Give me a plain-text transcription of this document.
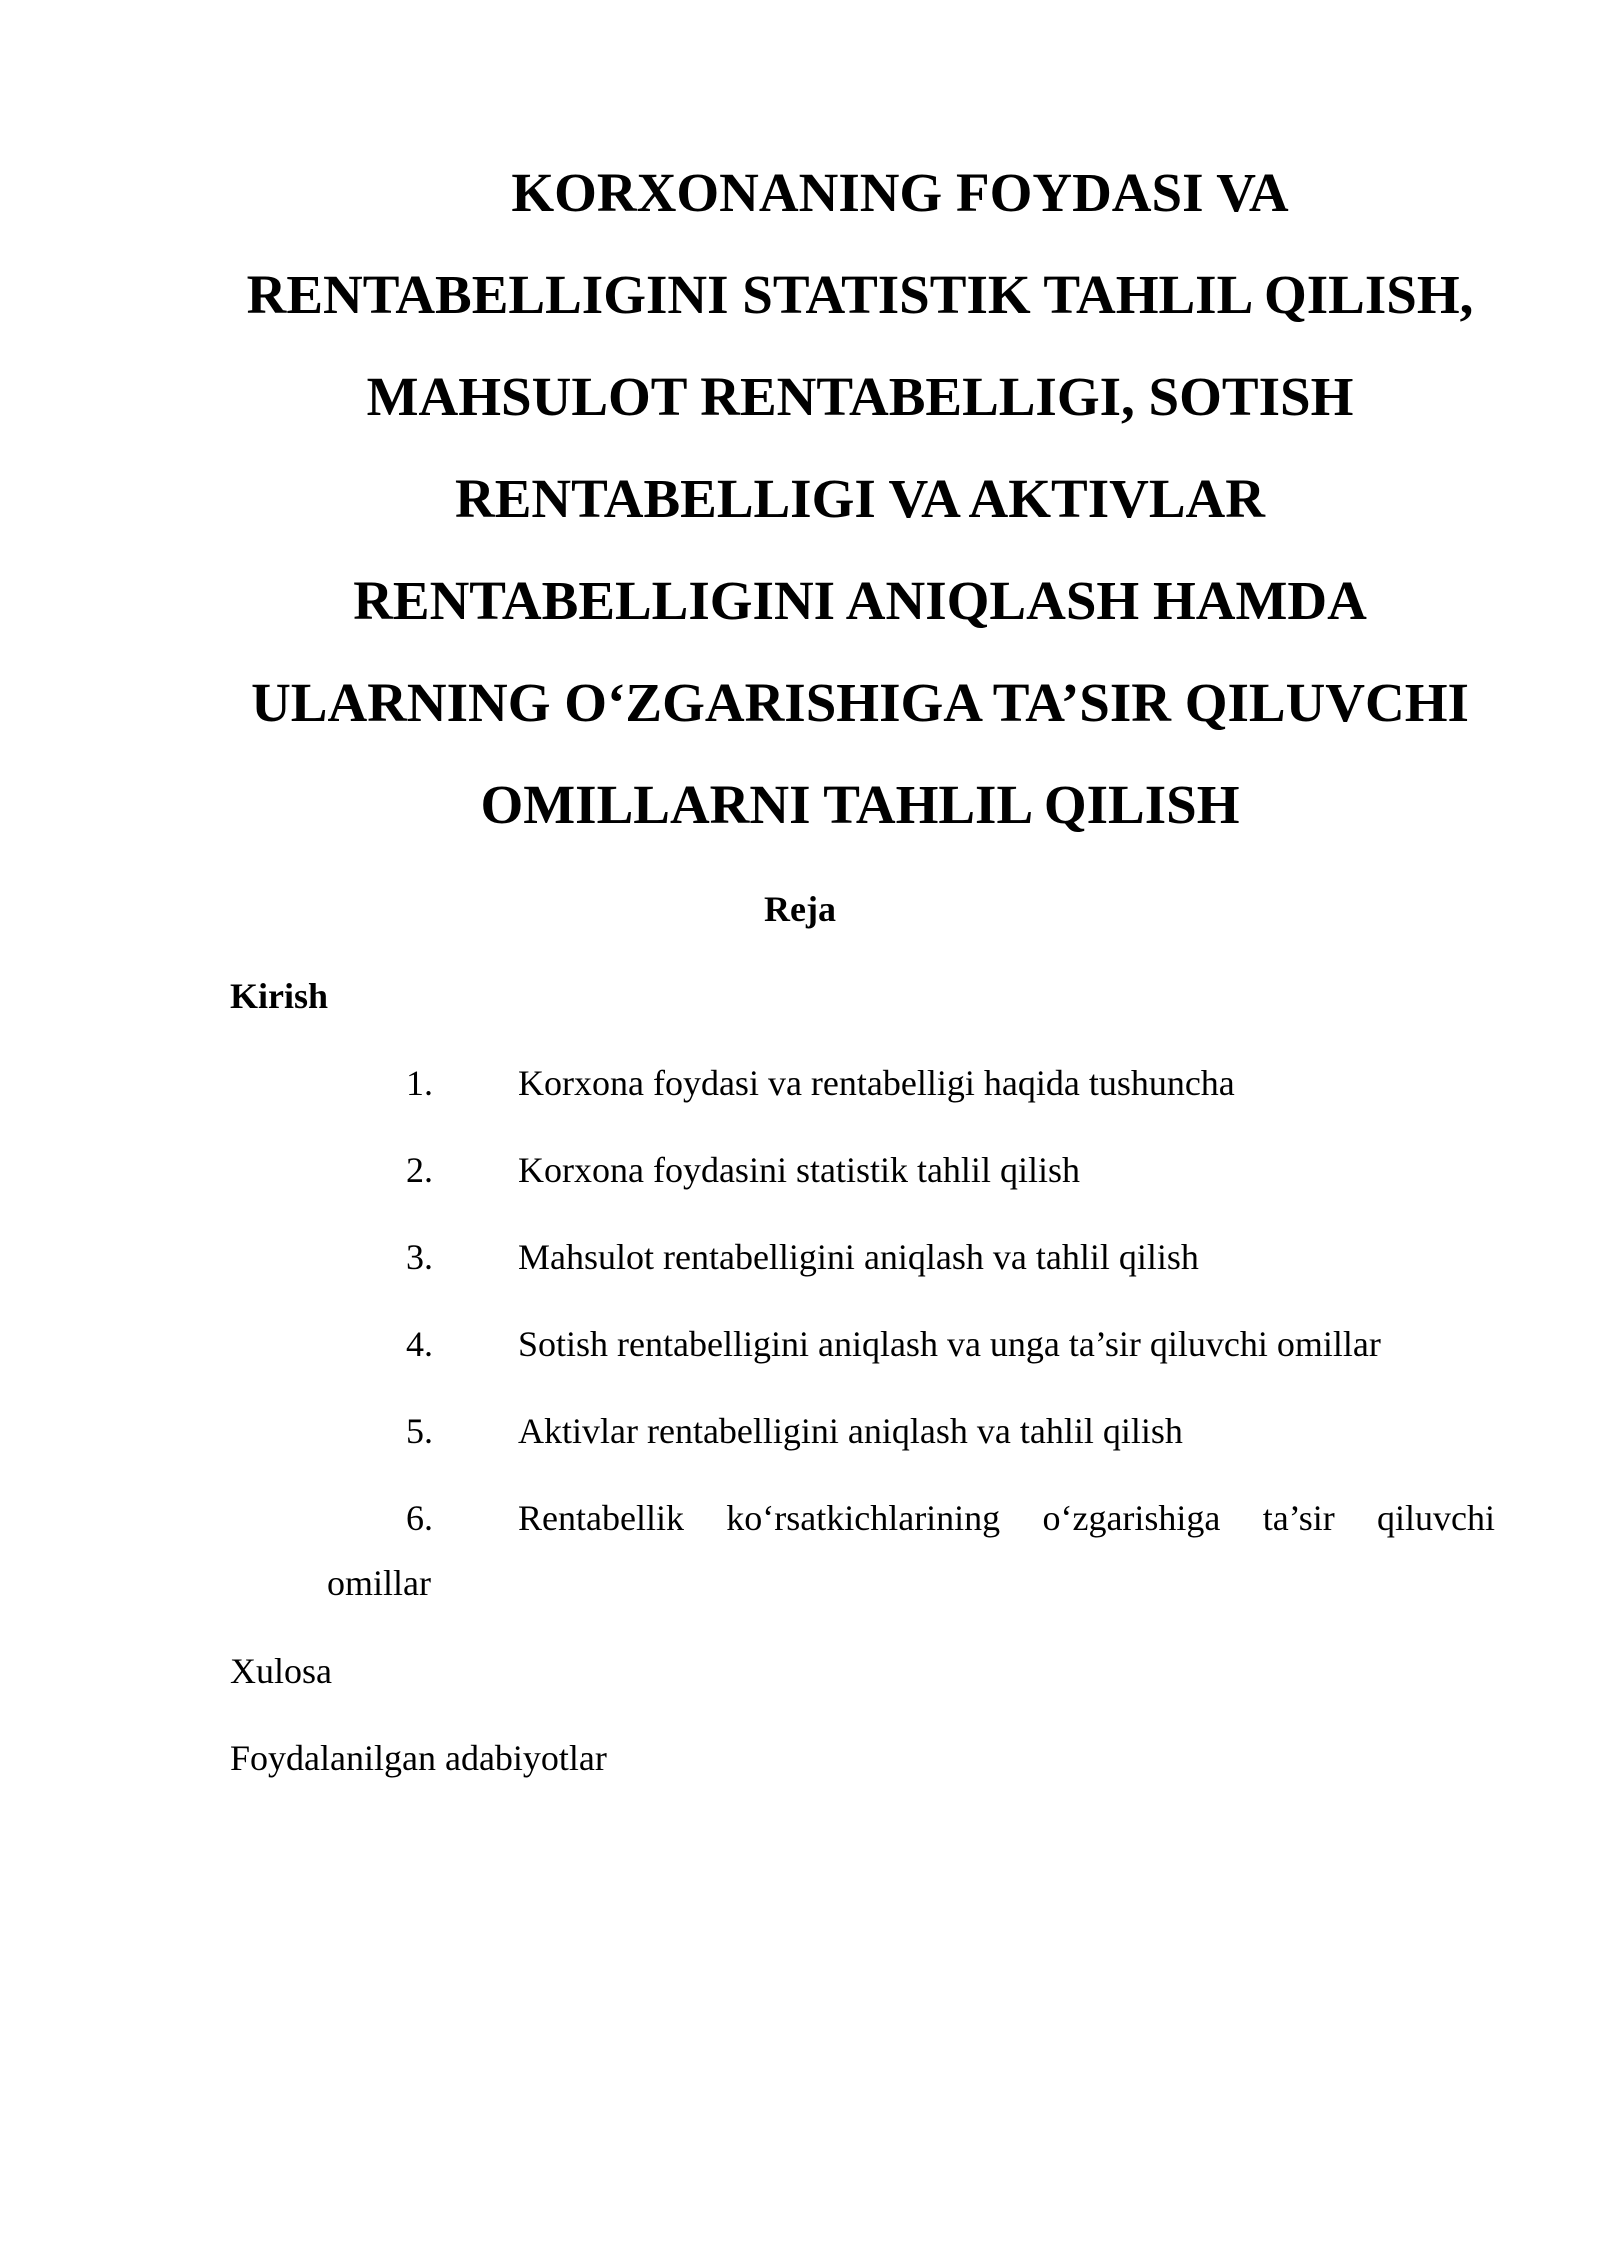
KORXONANING FOYDASI VA RENTABELLIGINI STATISTIK TAHLIL QILISH, MAHSULOT RENTABELLIGI, SOTISH RENTABELLIGI VA AKTIVLAR RENTABELLIGINI ANIQLASH HAMDA ULARNING O‘ZGARISHIGA TA’SIR QILUVCHI OMILLARNI TAHLIL QILISH

Reja

Kirish

1. Korxona foydasi va rentabelligi haqida tushuncha
2. Korxona foydasini statistik tahlil qilish
3. Mahsulot rentabelligini aniqlash va tahlil qilish
4. Sotish rentabelligini aniqlash va unga ta’sir qiluvchi omillar
5. Aktivlar rentabelligini aniqlash va tahlil qilish
6. Rentabellik ko‘rsatkichlarining o‘zgarishiga ta’sir qiluvchi
omillar

Xulosa

Foydalanilgan adabiyotlar
